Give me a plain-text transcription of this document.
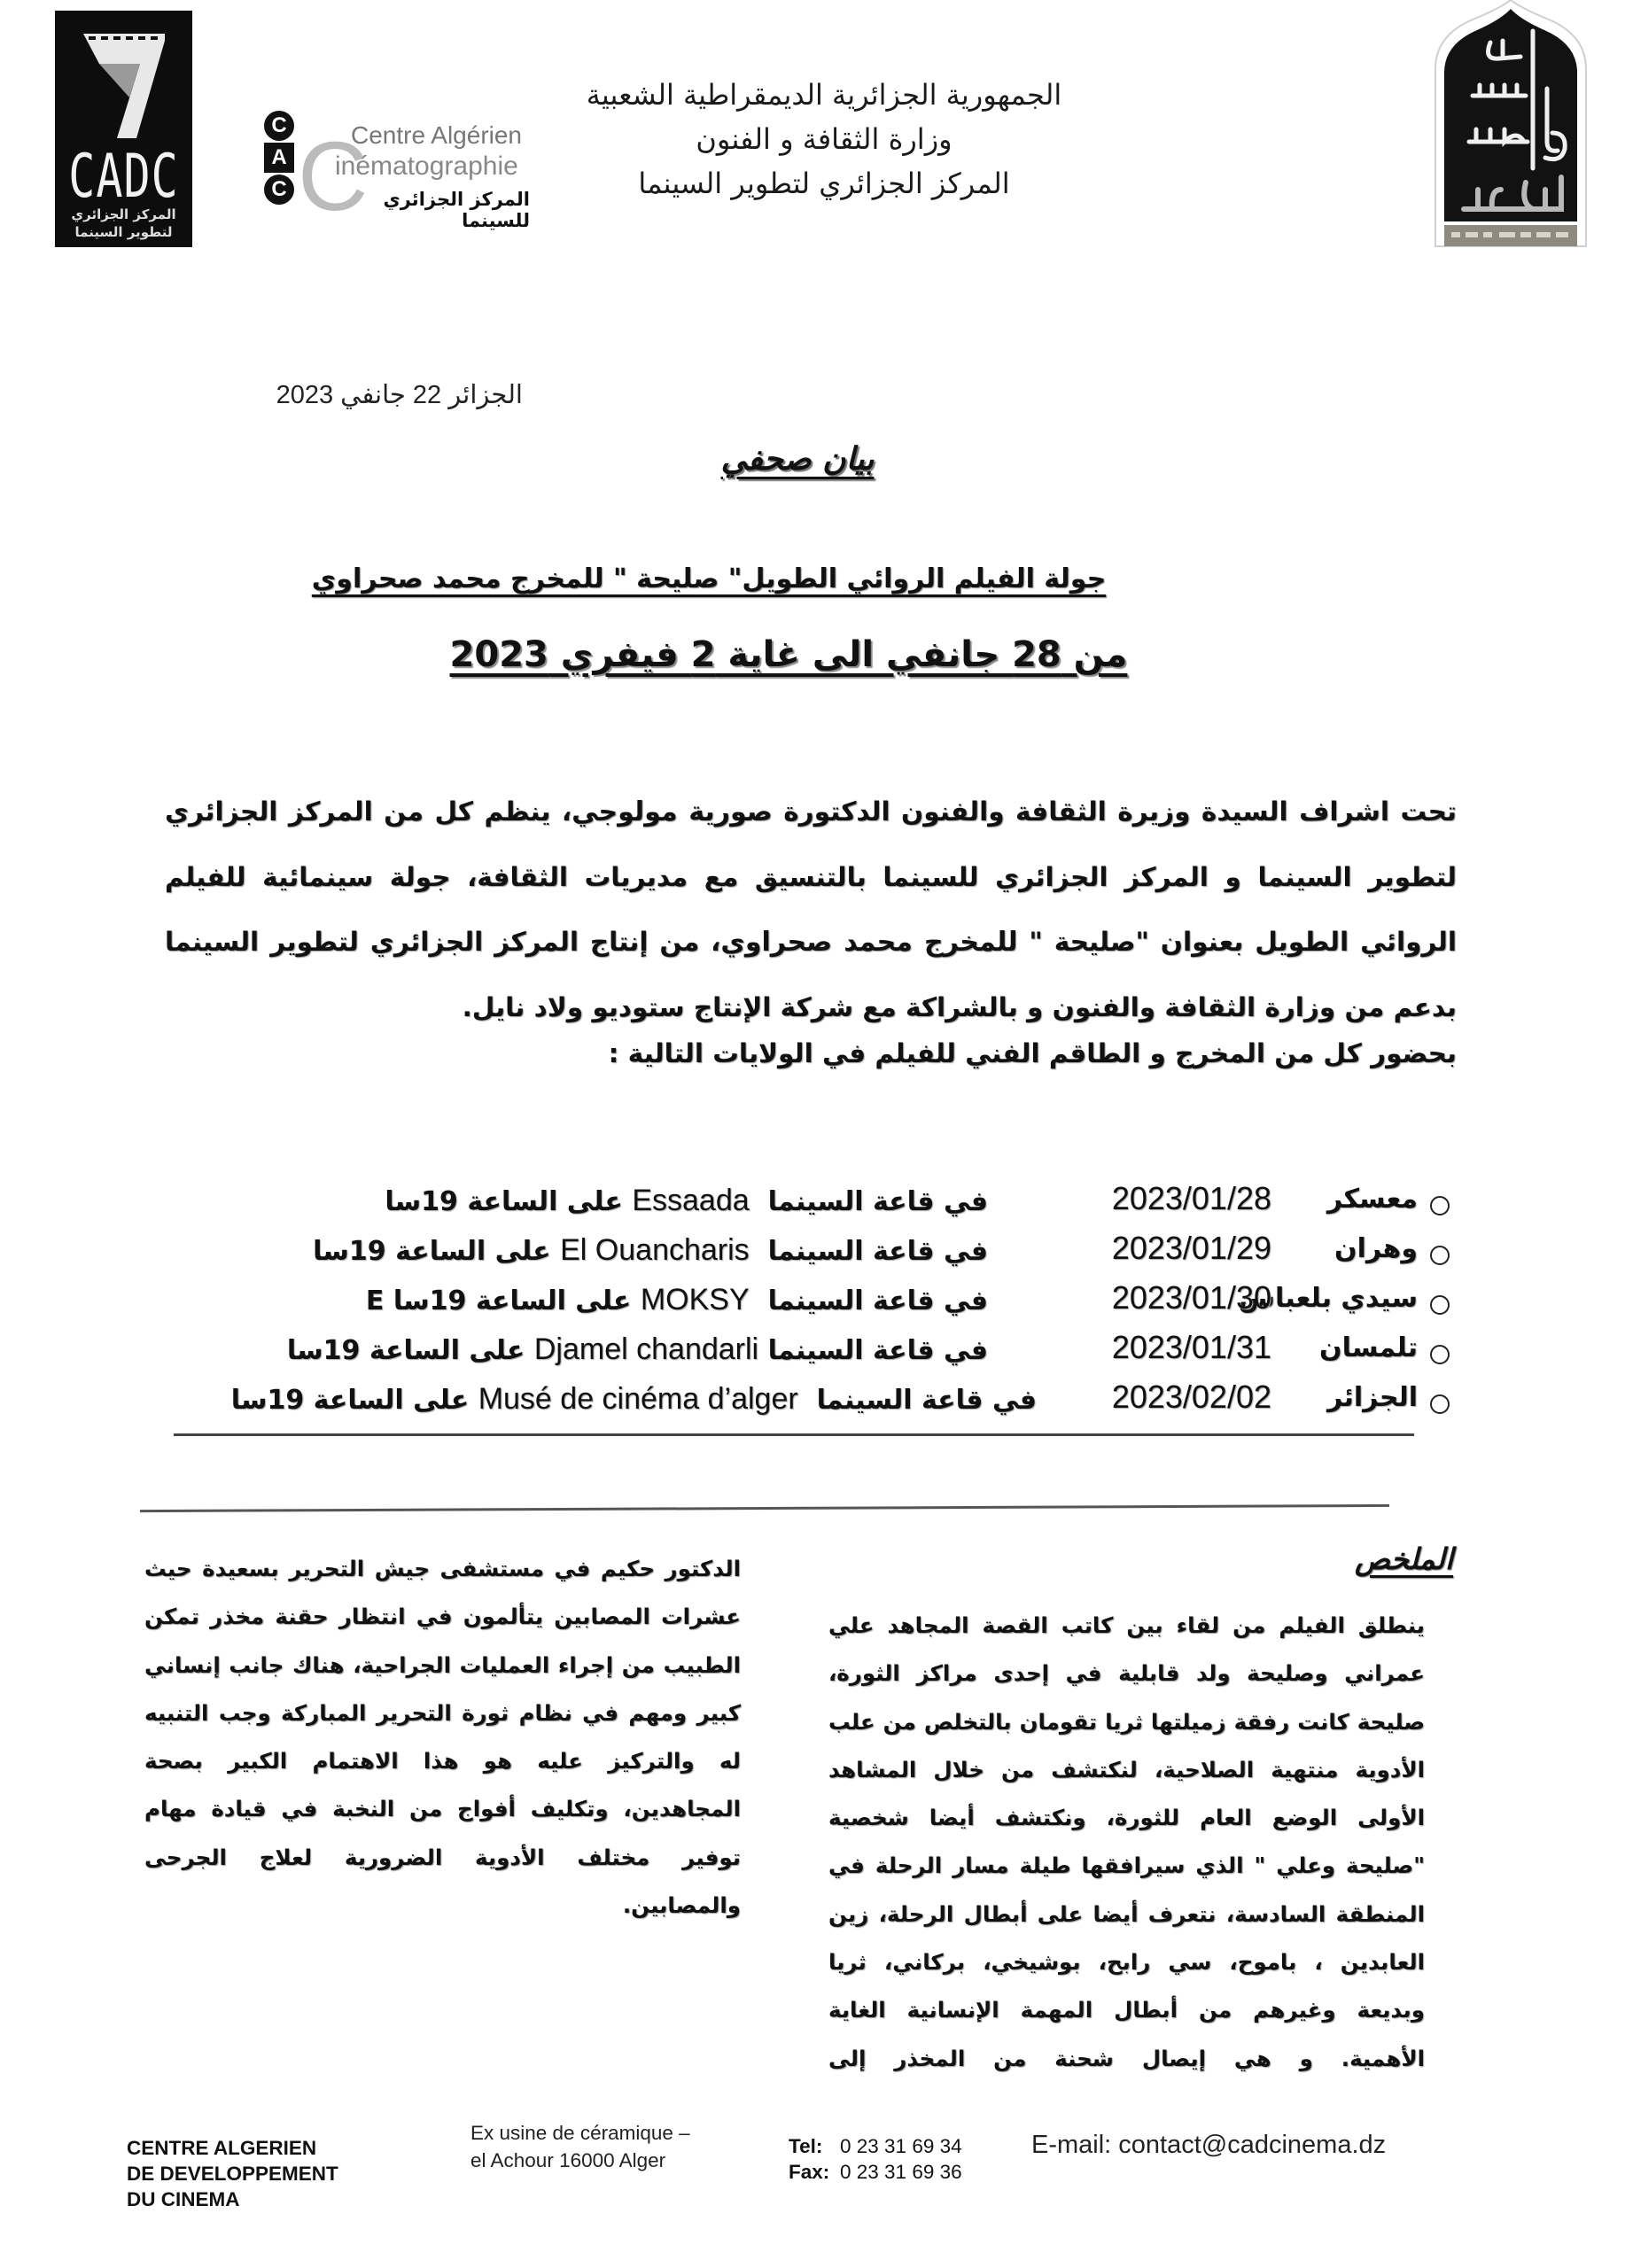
CADC
المركز الجزائري
لتطوير السينما
C
A
C C
Centre Algérien
inématographie
المركز الجزائري للسينما
الجمهورية الجزائرية الديمقراطية الشعبية
وزارة الثقافة و الفنون
المركز الجزائري لتطوير السينما
الجزائر 22 جانفي 2023
بيان صحفي
جولة الفيلم الروائي الطويل" صليحة " للمخرج محمد صحراوي
من 28 جانفي الى غاية 2 فيفري 2023
تحت اشراف السيدة وزيرة الثقافة والفنون الدكتورة صورية مولوجي، ينظم كل من المركز الجزائري لتطوير السينما و المركز الجزائري للسينما بالتنسيق مع مديريات الثقافة، جولة سينمائية للفيلم الروائي الطويل بعنوان "صليحة " للمخرج محمد صحراوي، من إنتاج المركز الجزائري لتطوير السينما بدعم من وزارة الثقافة والفنون و بالشراكة مع شركة الإنتاج ستوديو ولاد نايل.
بحضور كل من المخرج و الطاقم الفني للفيلم في الولايات التالية :
معسكر
2023/01/28
في قاعة السينما  Essaada على الساعة 19سا
وهران
2023/01/29
في قاعة السينما  El Ouancharis على الساعة 19سا
سيدي بلعباس
2023/01/30
في قاعة السينما  MOKSY على الساعة 19سا E
تلمسان
2023/01/31
في قاعة السينما Djamel chandarli على الساعة 19سا
الجزائر
2023/02/02
في قاعة السينما  Musé de cinéma d’alger على الساعة 19سا
الملخص
ينطلق الفيلم من لقاء بين كاتب القصة المجاهد علي عمراني وصليحة ولد قابلية في إحدى مراكز الثورة، صليحة كانت رفقة زميلتها ثريا تقومان بالتخلص من علب الأدوية منتهية الصلاحية، لنكتشف من خلال المشاهد الأولى الوضع العام للثورة، ونكتشف أيضا شخصية "صليحة وعلي " الذي سيرافقها طيلة مسار الرحلة في المنطقة السادسة، نتعرف أيضا على أبطال الرحلة، زين العابدين ، باموح، سي رابح، بوشيخي، بركاني، ثريا وبديعة وغيرهم من أبطال المهمة الإنسانية الغاية الأهمية. و هي إيصال شحنة من المخذر إلى
الدكتور حكيم في مستشفى جيش التحرير بسعيدة حيث عشرات المصابين يتألمون في انتظار حقنة مخذر تمكن الطبيب من إجراء العمليات الجراحية، هناك جانب إنساني كبير ومهم في نظام ثورة التحرير المباركة وجب التنبيه له والتركيز عليه هو هذا الاهتمام الكبير بصحة المجاهدين، وتكليف أفواج من النخبة في قيادة مهام توفير مختلف الأدوية الضرورية لعلاج الجرحى والمصابين.
CENTRE ALGERIEN
DE DEVELOPPEMENT
DU CINEMA
Ex usine de céramique –
el Achour 16000 Alger
Tel: 0 23 31 69 34
Fax: 0 23 31 69 36
E-mail: contact@cadcinema.dz
